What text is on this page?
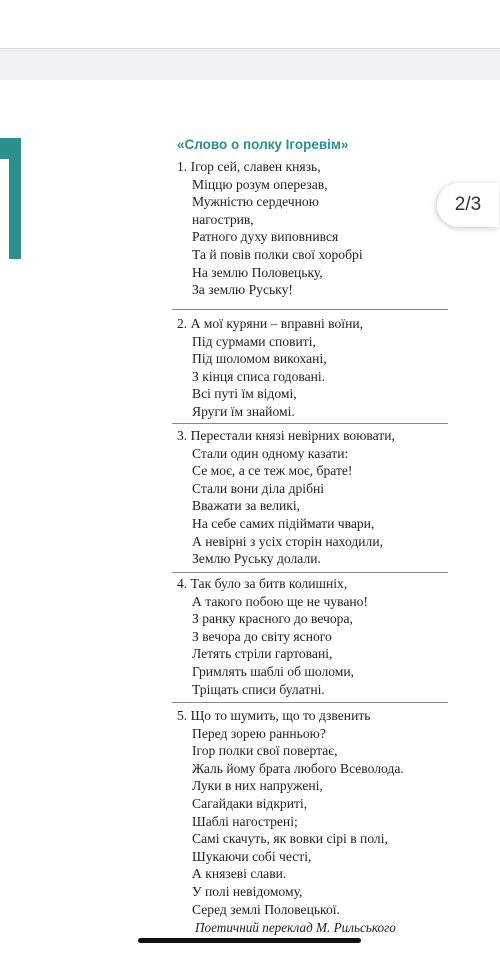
2/3
«Слово о полку Ігоревім»
1. Ігор сей, славен князь,
Міццю розум оперезав,
Мужністю сердечною
нагострив,
Ратного духу виповнився
Та й повів полки свої хоробрі
На землю Половецьку,
За землю Руську!
2. А мої куряни – вправні воїни,
Під сурмами сповиті,
Під шоломом викохані,
З кінця списа годовані.
Всі путі їм відомі,
Яруги їм знайомі.
3. Перестали князі невірних воювати,
Стали один одному казати:
Се моє, а се теж моє, брате!
Стали вони діла дрібні
Вважати за великі,
На себе самих підіймати чвари,
А невірні з усіх сторін находили,
Землю Руську долали.
4. Так було за битв колишніх,
А такого побою ще не чувано!
З ранку красного до вечора,
З вечора до світу ясного
Летять стріли гартовані,
Гримлять шаблі об шоломи,
Тріщать списи булатні.
5. Що то шумить, що то дзвенить
Перед зорею ранньою?
Ігор полки свої повертає,
Жаль йому брата любого Всеволода.
Луки в них напружені,
Сагайдаки відкриті,
Шаблі нагострені;
Самі скачуть, як вовки сірі в полі,
Шукаючи собі честі,
А князеві слави.
У полі невідомому,
Серед землі Половецької.
Поетичний переклад М. Рильського
